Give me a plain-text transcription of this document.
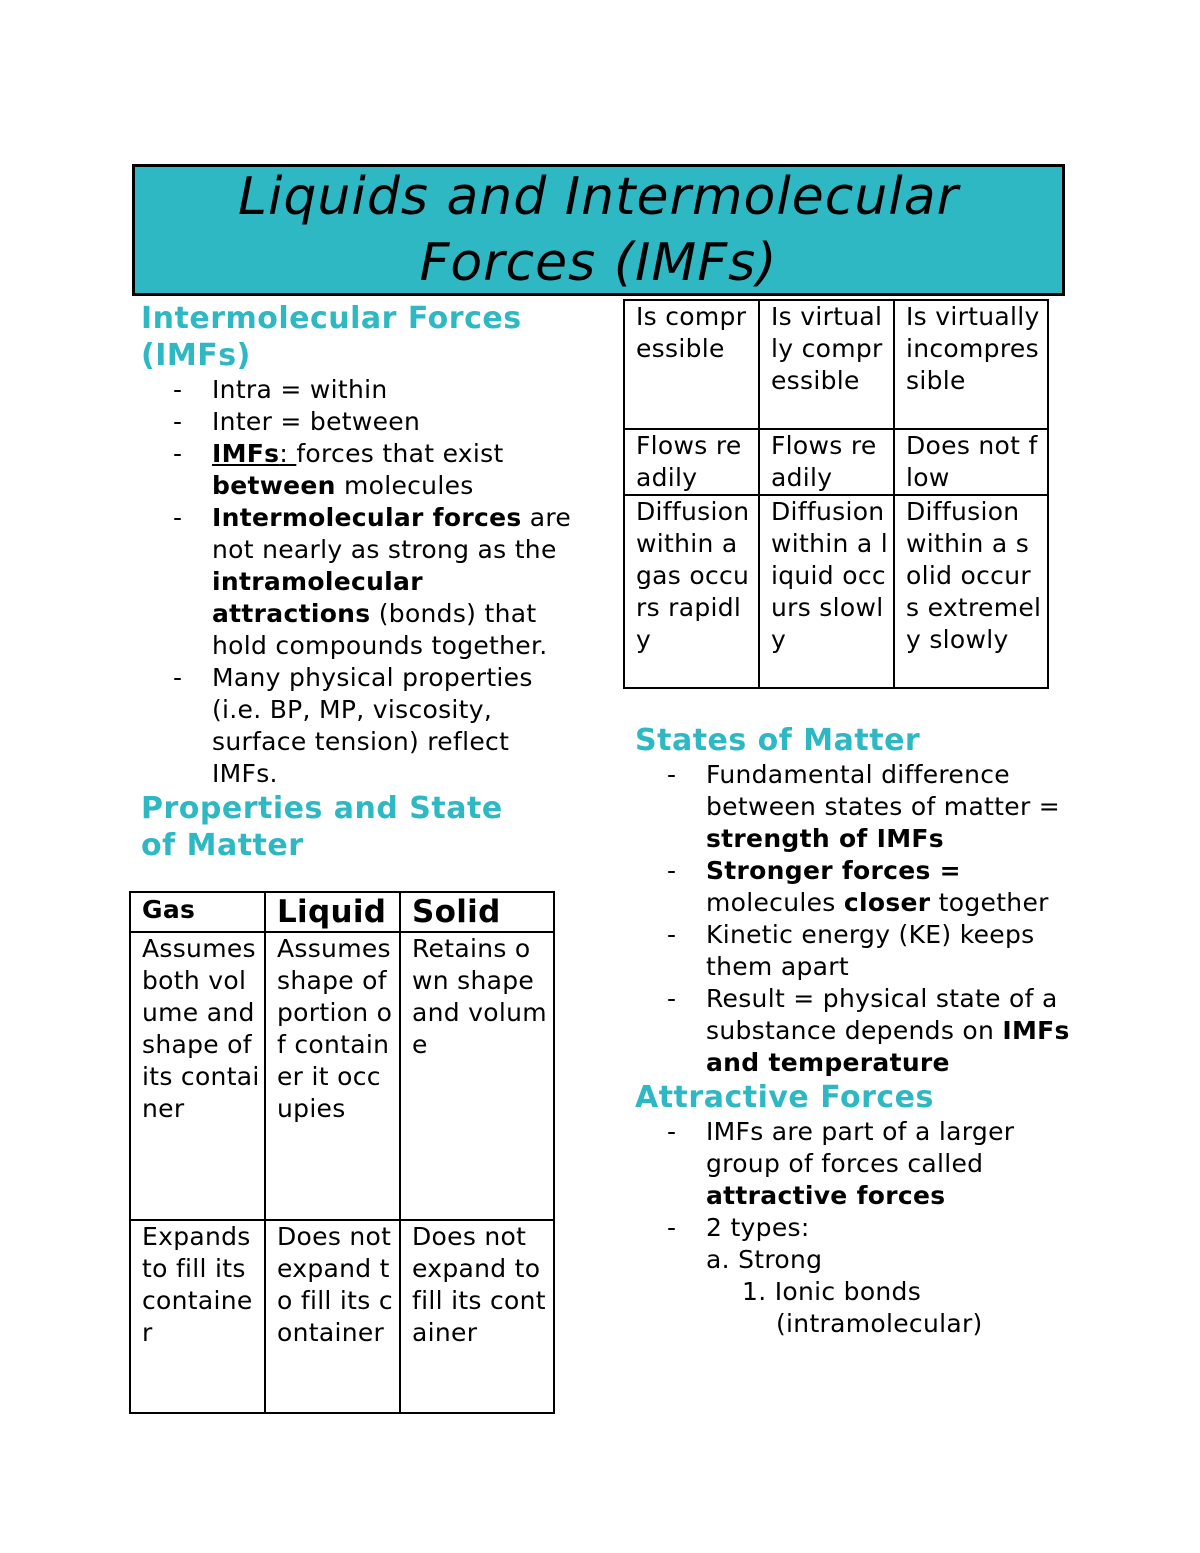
Liquids and Intermolecular
Forces (IMFs)
Intermolecular Forces (IMFs)
- Intra = within
- Inter = between
- IMFs: forces that exist between molecules
- Intermolecular forces are not nearly as strong as the intramolecular attractions (bonds) that hold compounds together.
- Many physical properties (i.e. BP, MP, viscosity, surface tension) reflect IMFs.
Properties and State of Matter
Is compressible	Is virtually compressible	Is virtually incompressible
Flows readily	Flows readily	Does not flow
Diffusion within a gas occurs rapidly	Diffusion within a liquid occurs slowly	Diffusion within a solid occurs extremely slowly
Gas	Liquid	Solid
Assumes both volume and shape of its container	Assumes shape of portion of container it occupies	Retains own shape and volume
Expands to fill its container	Does not expand to fill its container	Does not expand to fill its container
States of Matter
- Fundamental difference between states of matter = strength of IMFs
- Stronger forces = molecules closer together
- Kinetic energy (KE) keeps them apart
- Result = physical state of a substance depends on IMFs and temperature
Attractive Forces
- IMFs are part of a larger group of forces called attractive forces
- 2 types:
a. Strong
1. Ionic bonds
(intramolecular)
